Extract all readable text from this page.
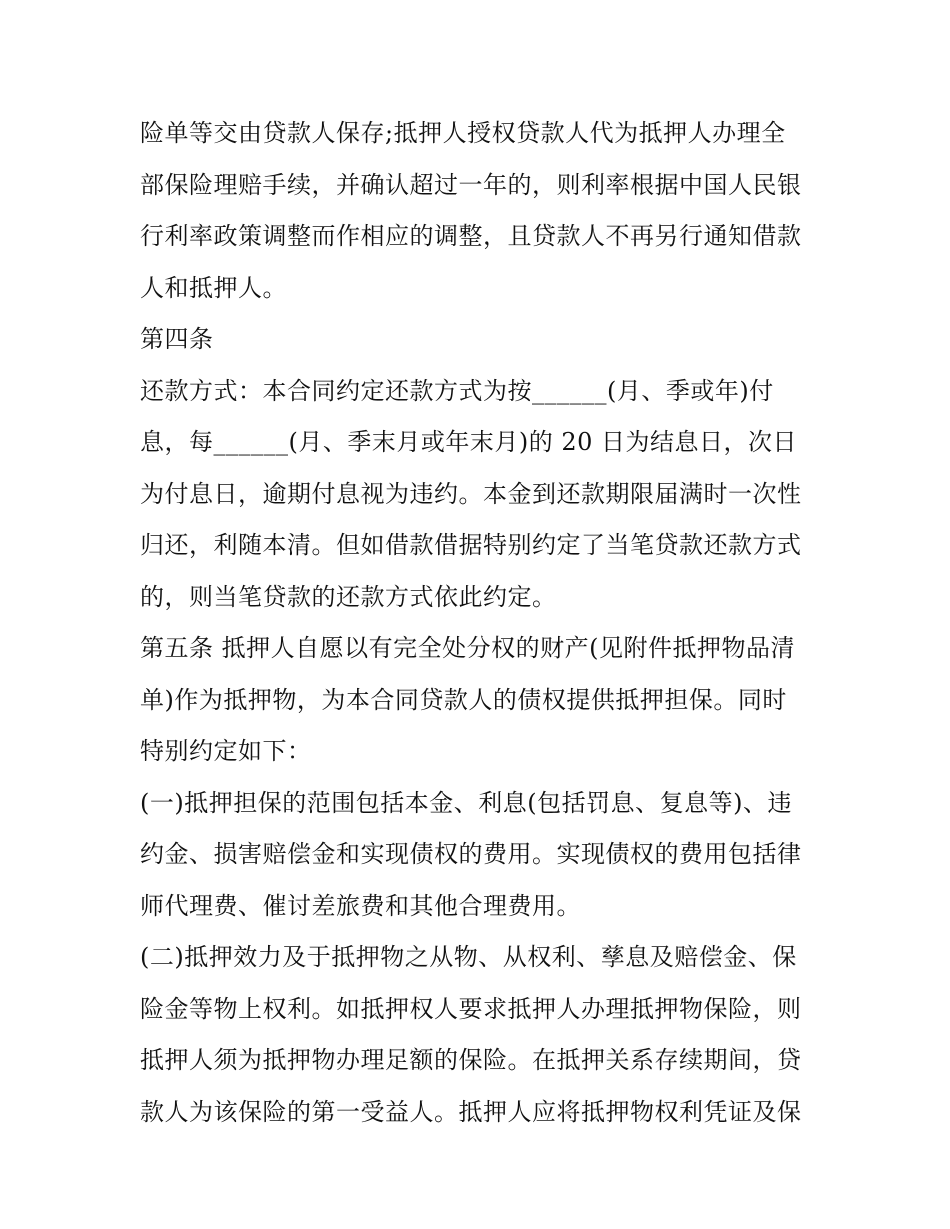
险单等交由贷款人保存;抵押人授权贷款人代为抵押人办理全

部保险理赔手续，并确认超过一年的，则利率根据中国人民银

行利率政策调整而作相应的调整，且贷款人不再另行通知借款

人和抵押人。

第四条

还款方式：本合同约定还款方式为按______(月、季或年)付

息，每______(月、季末月或年末月)的 20 日为结息日，次日

为付息日，逾期付息视为违约。本金到还款期限届满时一次性

归还，利随本清。但如借款借据特别约定了当笔贷款还款方式

的，则当笔贷款的还款方式依此约定。

第五条 抵押人自愿以有完全处分权的财产(见附件抵押物品清

单)作为抵押物，为本合同贷款人的债权提供抵押担保。同时

特别约定如下：

(一)抵押担保的范围包括本金、利息(包括罚息、复息等)、违

约金、损害赔偿金和实现债权的费用。实现债权的费用包括律

师代理费、催讨差旅费和其他合理费用。

(二)抵押效力及于抵押物之从物、从权利、孳息及赔偿金、保

险金等物上权利。如抵押权人要求抵押人办理抵押物保险，则

抵押人须为抵押物办理足额的保险。在抵押关系存续期间，贷

款人为该保险的第一受益人。抵押人应将抵押物权利凭证及保
